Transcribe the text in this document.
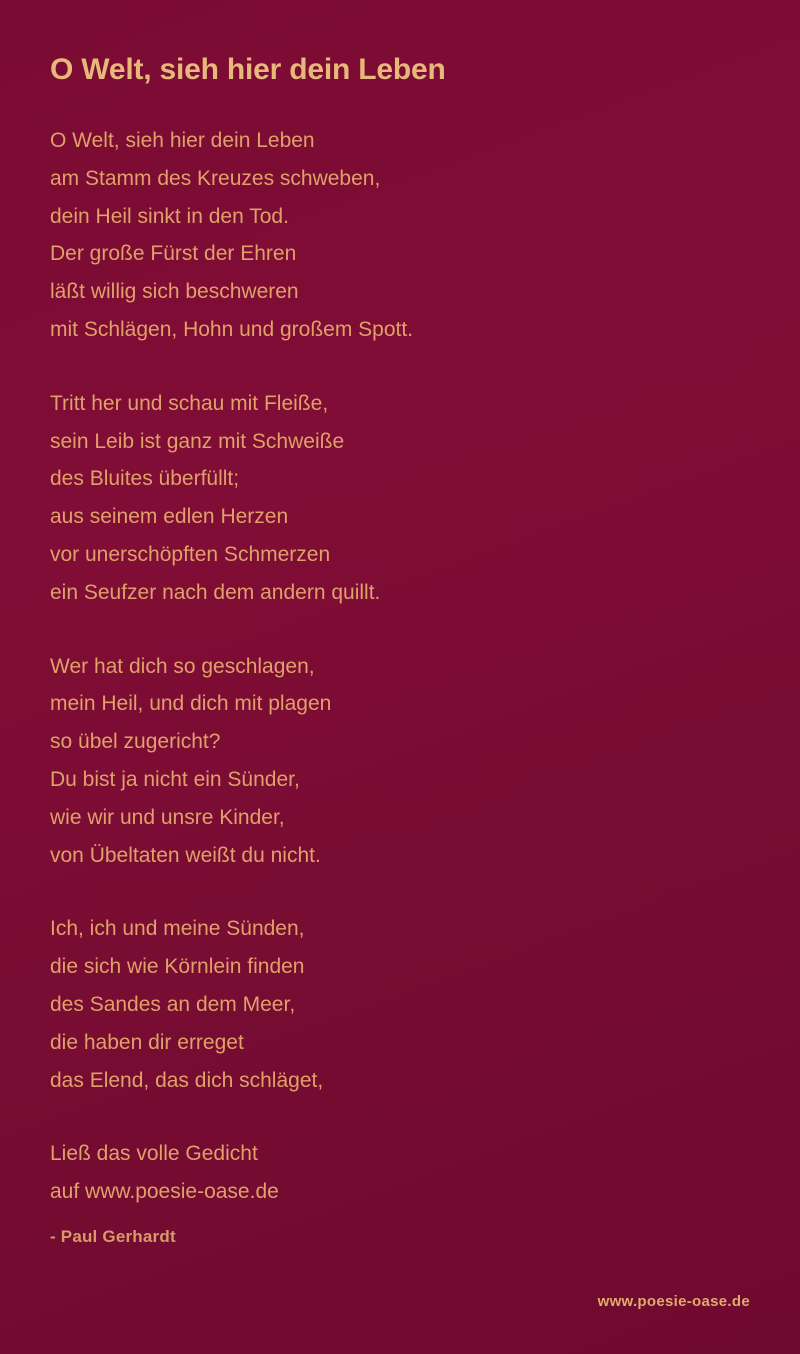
O Welt, sieh hier dein Leben
O Welt, sieh hier dein Leben
am Stamm des Kreuzes schweben,
dein Heil sinkt in den Tod.
Der große Fürst der Ehren
läßt willig sich beschweren
mit Schlägen, Hohn und großem Spott.
Tritt her und schau mit Fleiße,
sein Leib ist ganz mit Schweiße
des Bluites überfüllt;
aus seinem edlen Herzen
vor unerschöpften Schmerzen
ein Seufzer nach dem andern quillt.
Wer hat dich so geschlagen,
mein Heil, und dich mit plagen
so übel zugericht?
Du bist ja nicht ein Sünder,
wie wir und unsre Kinder,
von Übeltaten weißt du nicht.
Ich, ich und meine Sünden,
die sich wie Körnlein finden
des Sandes an dem Meer,
die haben dir erreget
das Elend, das dich schläget,
Ließ das volle Gedicht
auf www.poesie-oase.de
- Paul Gerhardt
www.poesie-oase.de
